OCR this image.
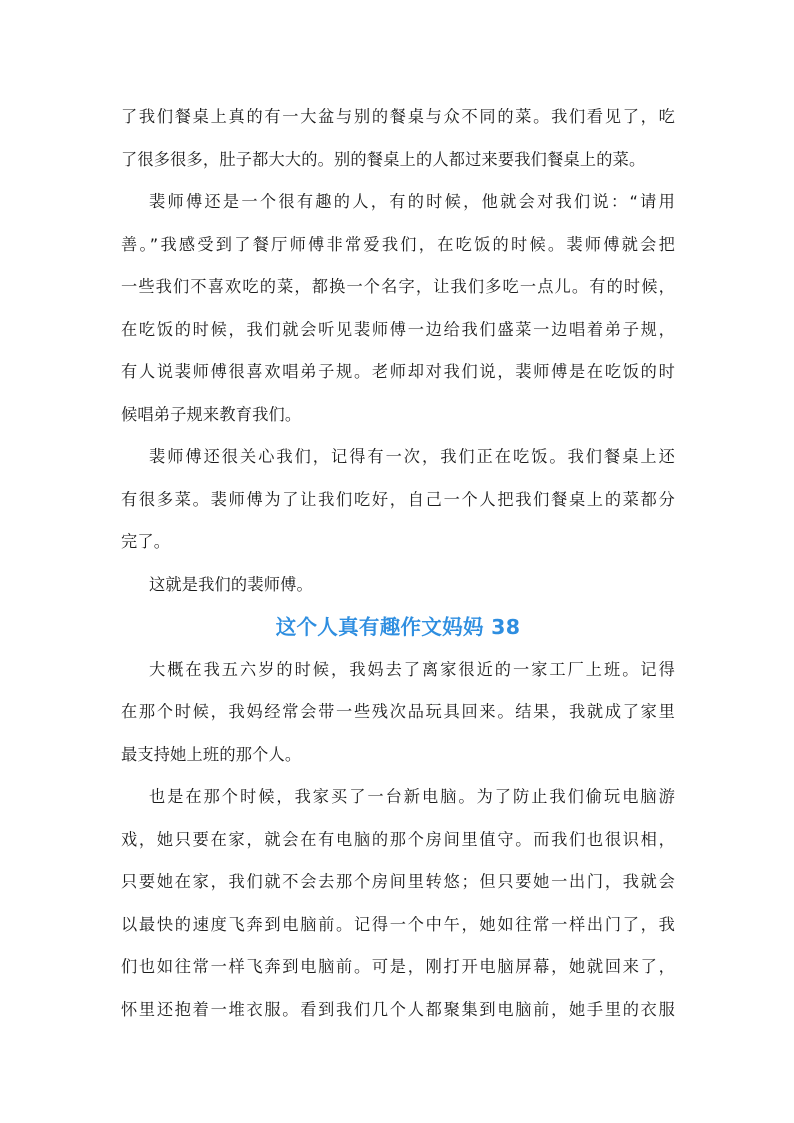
了我们餐桌上真的有一大盆与别的餐桌与众不同的菜。我们看见了，吃
了很多很多，肚子都大大的。别的餐桌上的人都过来要我们餐桌上的菜。

裴师傅还是一个很有趣的人，有的时候，他就会对我们说：“请用
善。”我感受到了餐厅师傅非常爱我们，在吃饭的时候。裴师傅就会把
一些我们不喜欢吃的菜，都换一个名字，让我们多吃一点儿。有的时候，
在吃饭的时候，我们就会听见裴师傅一边给我们盛菜一边唱着弟子规，
有人说裴师傅很喜欢唱弟子规。老师却对我们说，裴师傅是在吃饭的时
候唱弟子规来教育我们。

裴师傅还很关心我们，记得有一次，我们正在吃饭。我们餐桌上还
有很多菜。裴师傅为了让我们吃好，自己一个人把我们餐桌上的菜都分
完了。

这就是我们的裴师傅。

这个人真有趣作文妈妈 38

大概在我五六岁的时候，我妈去了离家很近的一家工厂上班。记得
在那个时候，我妈经常会带一些残次品玩具回来。结果，我就成了家里
最支持她上班的那个人。

也是在那个时候，我家买了一台新电脑。为了防止我们偷玩电脑游
戏，她只要在家，就会在有电脑的那个房间里值守。而我们也很识相，
只要她在家，我们就不会去那个房间里转悠；但只要她一出门，我就会
以最快的速度飞奔到电脑前。记得一个中午，她如往常一样出门了，我
们也如往常一样飞奔到电脑前。可是，刚打开电脑屏幕，她就回来了，
怀里还抱着一堆衣服。看到我们几个人都聚集到电脑前，她手里的衣服
